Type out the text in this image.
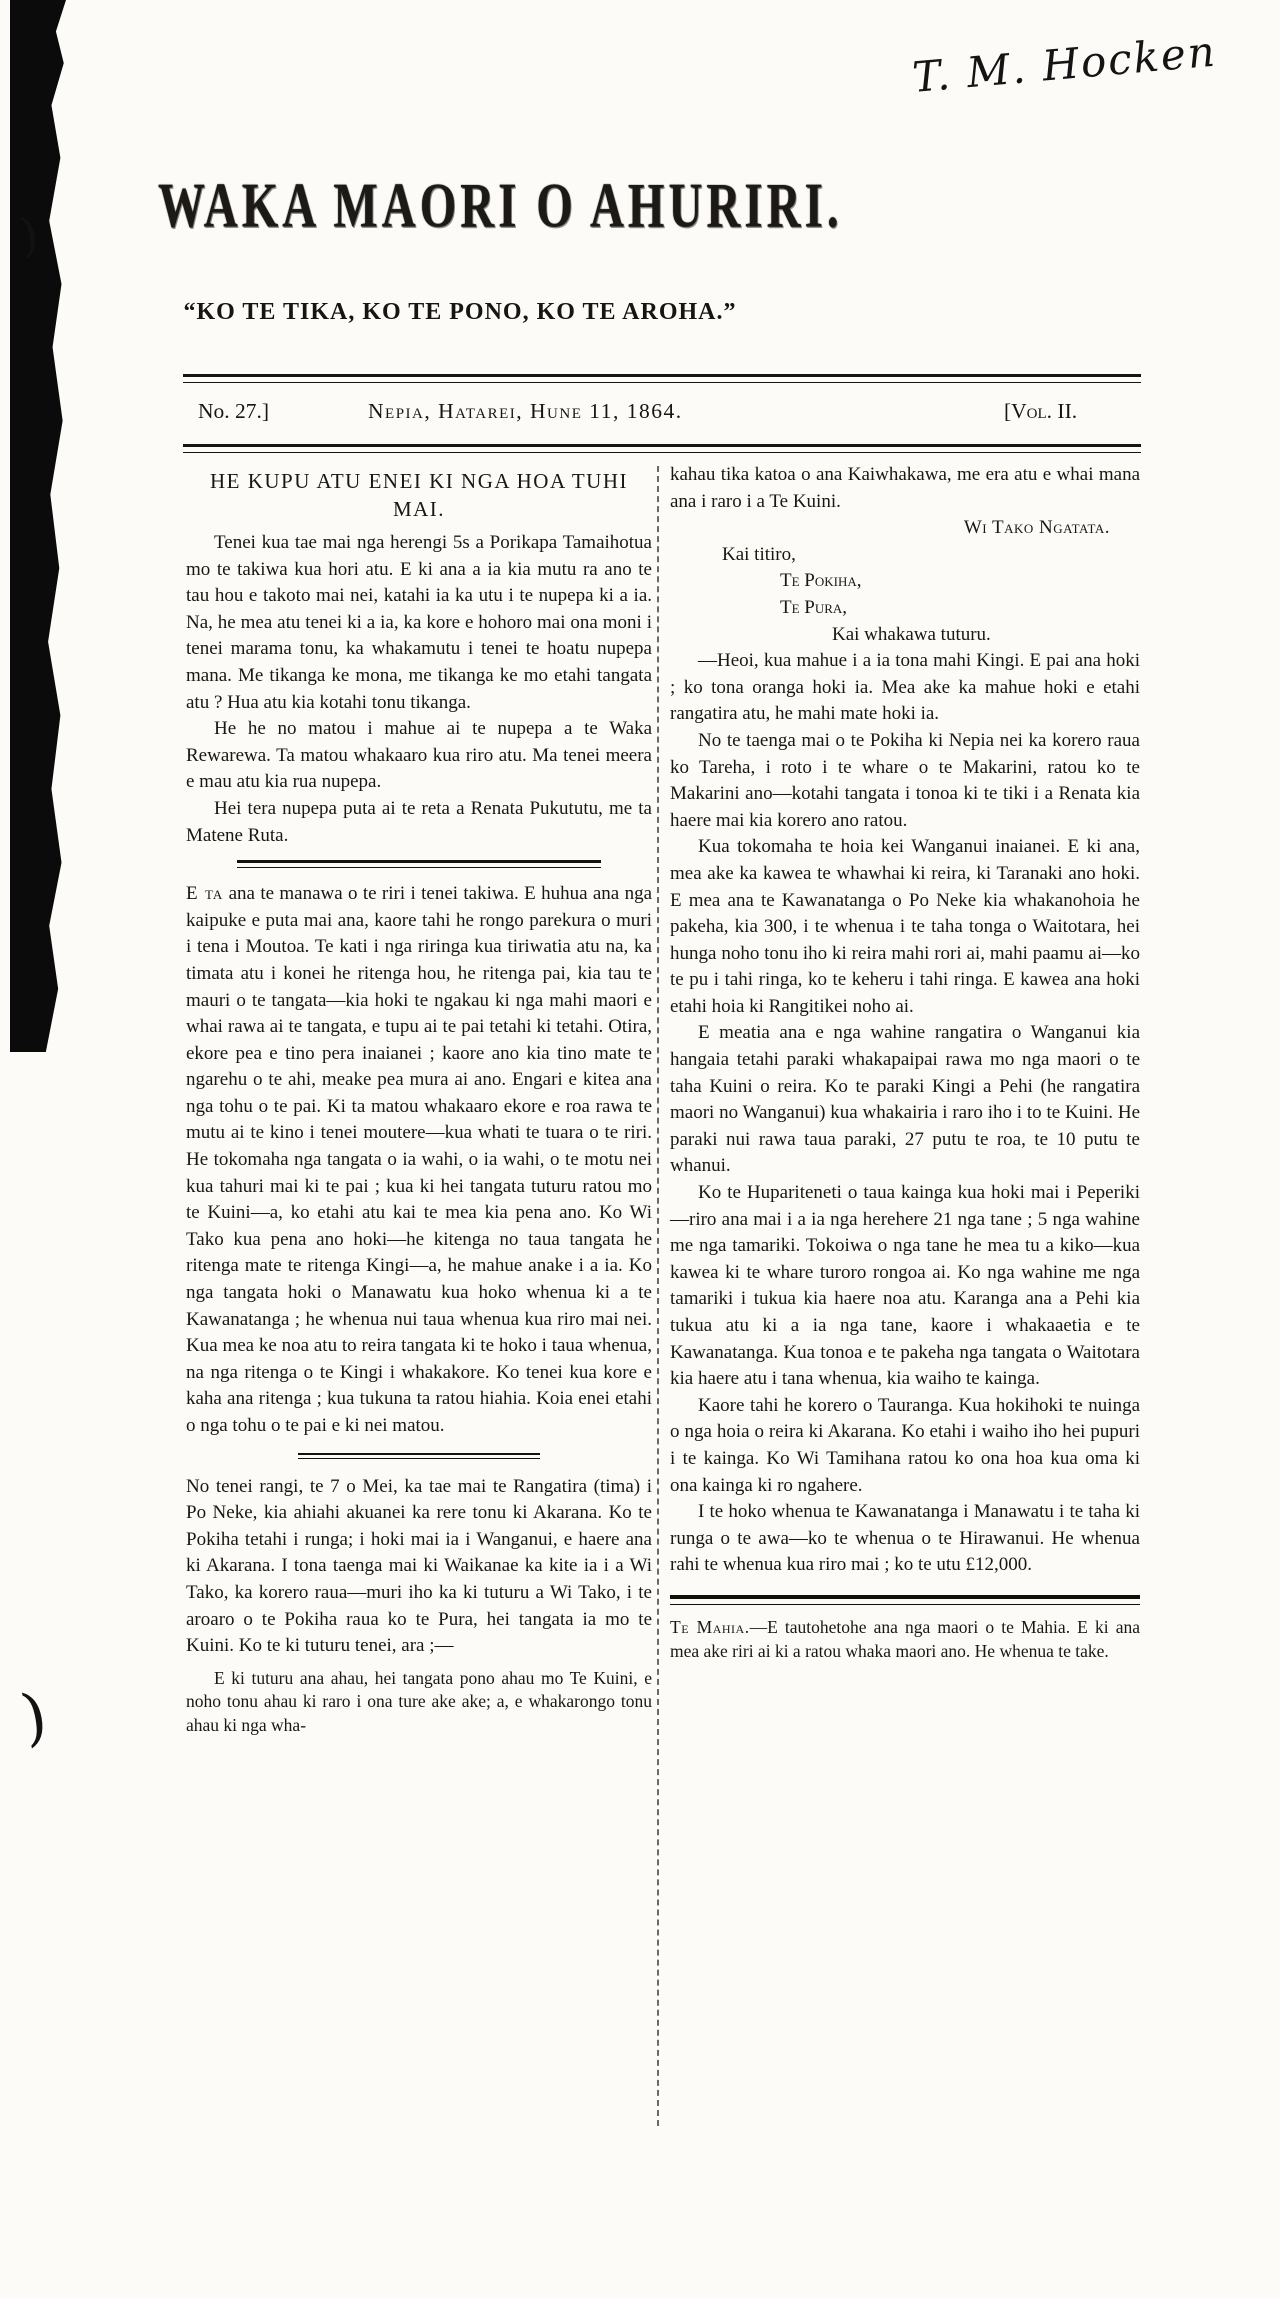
T. M. Hocken
)
)
WAKA MAORI O AHURIRI.
“KO TE TIKA, KO TE PONO, KO TE AROHA.”
No. 27.]	Nepia, Hatarei, Hune 11, 1864.	[Vol. II.
HE KUPU ATU ENEI KI NGA HOA TUHI MAI.

Tenei kua tae mai nga herengi 5s a Porikapa Tamaihotua mo te takiwa kua hori atu. E ki ana a ia kia mutu ra ano te tau hou e takoto mai nei, katahi ia ka utu i te nupepa ki a ia. Na, he mea atu tenei ki a ia, ka kore e hohoro mai ona moni i tenei marama tonu, ka whakamutu i tenei te hoatu nupepa mana. Me tikanga ke mona, me tikanga ke mo etahi tangata atu ? Hua atu kia kotahi tonu tikanga.

He he no matou i mahue ai te nupepa a te Waka Rewarewa. Ta matou whakaaro kua riro atu. Ma tenei meera e mau atu kia rua nupepa.

Hei tera nupepa puta ai te reta a Renata Pukututu, me ta Matene Ruta.

E ta ana te manawa o te riri i tenei takiwa. E huhua ana nga kaipuke e puta mai ana, kaore tahi he rongo parekura o muri i tena i Moutoa. Te kati i nga riringa kua tiriwatia atu na, ka timata atu i konei he ritenga hou, he ritenga pai, kia tau te mauri o te tangata—kia hoki te ngakau ki nga mahi maori e whai rawa ai te tangata, e tupu ai te pai tetahi ki tetahi. Otira, ekore pea e tino pera inaianei ; kaore ano kia tino mate te ngarehu o te ahi, meake pea mura ai ano. Engari e kitea ana nga tohu o te pai. Ki ta matou whakaaro ekore e roa rawa te mutu ai te kino i tenei moutere—kua whati te tuara o te riri. He tokomaha nga tangata o ia wahi, o ia wahi, o te motu nei kua tahuri mai ki te pai ; kua ki hei tangata tuturu ratou mo te Kuini—a, ko etahi atu kai te mea kia pena ano. Ko Wi Tako kua pena ano hoki—he kitenga no taua tangata he ritenga mate te ritenga Kingi—a, he mahue anake i a ia. Ko nga tangata hoki o Manawatu kua hoko whenua ki a te Kawanatanga ; he whenua nui taua whenua kua riro mai nei. Kua mea ke noa atu to reira tangata ki te hoko i taua whenua, na nga ritenga o te Kingi i whakakore. Ko tenei kua kore e kaha ana ritenga ; kua tukuna ta ratou hiahia. Koia enei etahi o nga tohu o te pai e ki nei matou.

No tenei rangi, te 7 o Mei, ka tae mai te Rangatira (tima) i Po Neke, kia ahiahi akuanei ka rere tonu ki Akarana. Ko te Pokiha tetahi i runga; i hoki mai ia i Wanganui, e haere ana ki Akarana. I tona taenga mai ki Waikanae ka kite ia i a Wi Tako, ka korero raua—muri iho ka ki tuturu a Wi Tako, i te aroaro o te Pokiha raua ko te Pura, hei tangata ia mo te Kuini. Ko te ki tuturu tenei, ara ;—

E ki tuturu ana ahau, hei tangata pono ahau mo Te Kuini, e noho tonu ahau ki raro i ona ture ake ake; a, e whakarongo tonu ahau ki nga wha-

kahau tika katoa o ana Kaiwhakawa, me era atu e whai mana ana i raro i a Te Kuini.

Wi Tako Ngatata.

Kai titiro,

Te Pokiha,

Te Pura,

Kai whakawa tuturu.

—Heoi, kua mahue i a ia tona mahi Kingi. E pai ana hoki ; ko tona oranga hoki ia. Mea ake ka mahue hoki e etahi rangatira atu, he mahi mate hoki ia.

No te taenga mai o te Pokiha ki Nepia nei ka korero raua ko Tareha, i roto i te whare o te Makarini, ratou ko te Makarini ano—kotahi tangata i tonoa ki te tiki i a Renata kia haere mai kia korero ano ratou.

Kua tokomaha te hoia kei Wanganui inaianei. E ki ana, mea ake ka kawea te whawhai ki reira, ki Taranaki ano hoki. E mea ana te Kawanatanga o Po Neke kia whakanohoia he pakeha, kia 300, i te whenua i te taha tonga o Waitotara, hei hunga noho tonu iho ki reira mahi rori ai, mahi paamu ai—ko te pu i tahi ringa, ko te keheru i tahi ringa. E kawea ana hoki etahi hoia ki Rangitikei noho ai.

E meatia ana e nga wahine rangatira o Wanganui kia hangaia tetahi paraki whakapaipai rawa mo nga maori o te taha Kuini o reira. Ko te paraki Kingi a Pehi (he rangatira maori no Wanganui) kua whakairia i raro iho i to te Kuini. He paraki nui rawa taua paraki, 27 putu te roa, te 10 putu te whanui.

Ko te Hupariteneti o taua kainga kua hoki mai i Peperiki—riro ana mai i a ia nga herehere 21 nga tane ; 5 nga wahine me nga tamariki. Tokoiwa o nga tane he mea tu a kiko—kua kawea ki te whare turoro rongoa ai. Ko nga wahine me nga tamariki i tukua kia haere noa atu. Karanga ana a Pehi kia tukua atu ki a ia nga tane, kaore i whakaaetia e te Kawanatanga. Kua tonoa e te pakeha nga tangata o Waitotara kia haere atu i tana whenua, kia waiho te kainga.

Kaore tahi he korero o Tauranga. Kua hokihoki te nuinga o nga hoia o reira ki Akarana. Ko etahi i waiho iho hei pupuri i te kainga. Ko Wi Tamihana ratou ko ona hoa kua oma ki ona kainga ki ro ngahere.

I te hoko whenua te Kawanatanga i Manawatu i te taha ki runga o te awa—ko te whenua o te Hirawanui. He whenua rahi te whenua kua riro mai ; ko te utu £12,000.

Te Mahia.—E tautohetohe ana nga maori o te Mahia. E ki ana mea ake riri ai ki a ratou whaka maori ano. He whenua te take.
